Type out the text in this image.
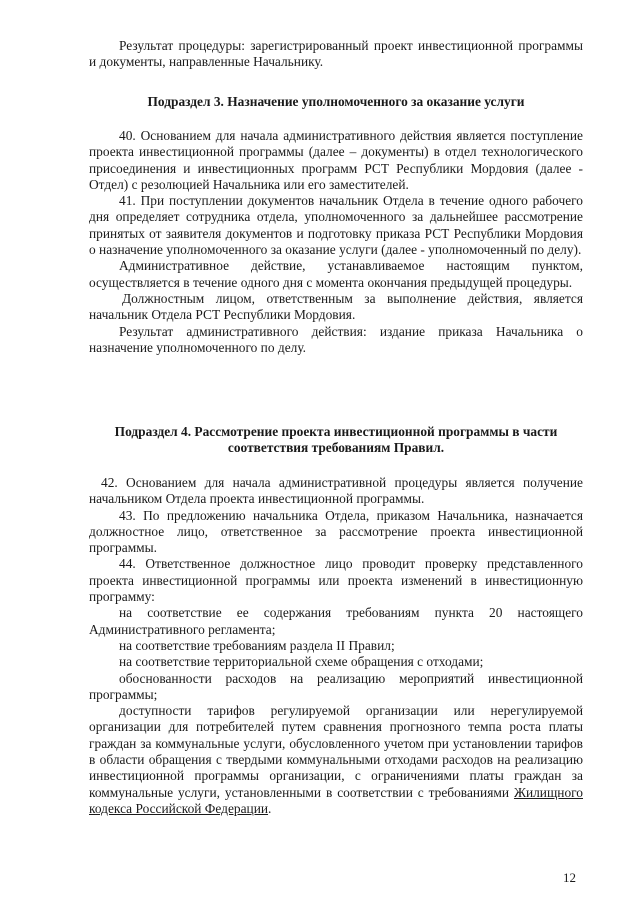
Результат процедуры: зарегистрированный проект инвестиционной программы и документы, направленные Начальнику.

Подраздел 3. Назначение уполномоченного за оказание услуги

40. Основанием для начала административного действия является поступление проекта инвестиционной программы (далее – документы) в отдел технологического присоединения и инвестиционных программ РСТ Республики Мордовия (далее - Отдел) с резолюцией Начальника или его заместителей.

41. При поступлении документов начальник Отдела в течение одного рабочего дня определяет сотрудника отдела, уполномоченного за дальнейшее рассмотрение принятых от заявителя документов и подготовку приказа РСТ Республики Мордовия о назначение уполномоченного за оказание услуги (далее - уполномоченный по делу).

Административное действие, устанавливаемое настоящим пунктом, осуществляется в течение одного дня с момента окончания предыдущей процедуры.

Должностным лицом, ответственным за выполнение действия, является начальник Отдела РСТ Республики Мордовия.

Результат административного действия: издание приказа Начальника о назначение уполномоченного по делу.

Подраздел 4. Рассмотрение проекта инвестиционной программы в части
соответствия требованиям Правил.

42. Основанием для начала административной процедуры является получение начальником Отдела проекта инвестиционной программы.

43. По предложению начальника Отдела, приказом Начальника, назначается должностное лицо, ответственное за рассмотрение проекта инвестиционной программы.

44. Ответственное должностное лицо проводит проверку представленного проекта инвестиционной программы или проекта изменений в инвестиционную программу:

на соответствие ее содержания требованиям пункта 20 настоящего Административного регламента;

на соответствие требованиям раздела II Правил;

на соответствие территориальной схеме обращения с отходами;

обоснованности расходов на реализацию мероприятий инвестиционной программы;

доступности тарифов регулируемой организации или нерегулируемой организации для потребителей путем сравнения прогнозного темпа роста платы граждан за коммунальные услуги, обусловленного учетом при установлении тарифов в области обращения с твердыми коммунальными отходами расходов на реализацию инвестиционной программы организации, с ограничениями платы граждан за коммунальные услуги, установленными в соответствии с требованиями Жилищного кодекса Российской Федерации.

12
